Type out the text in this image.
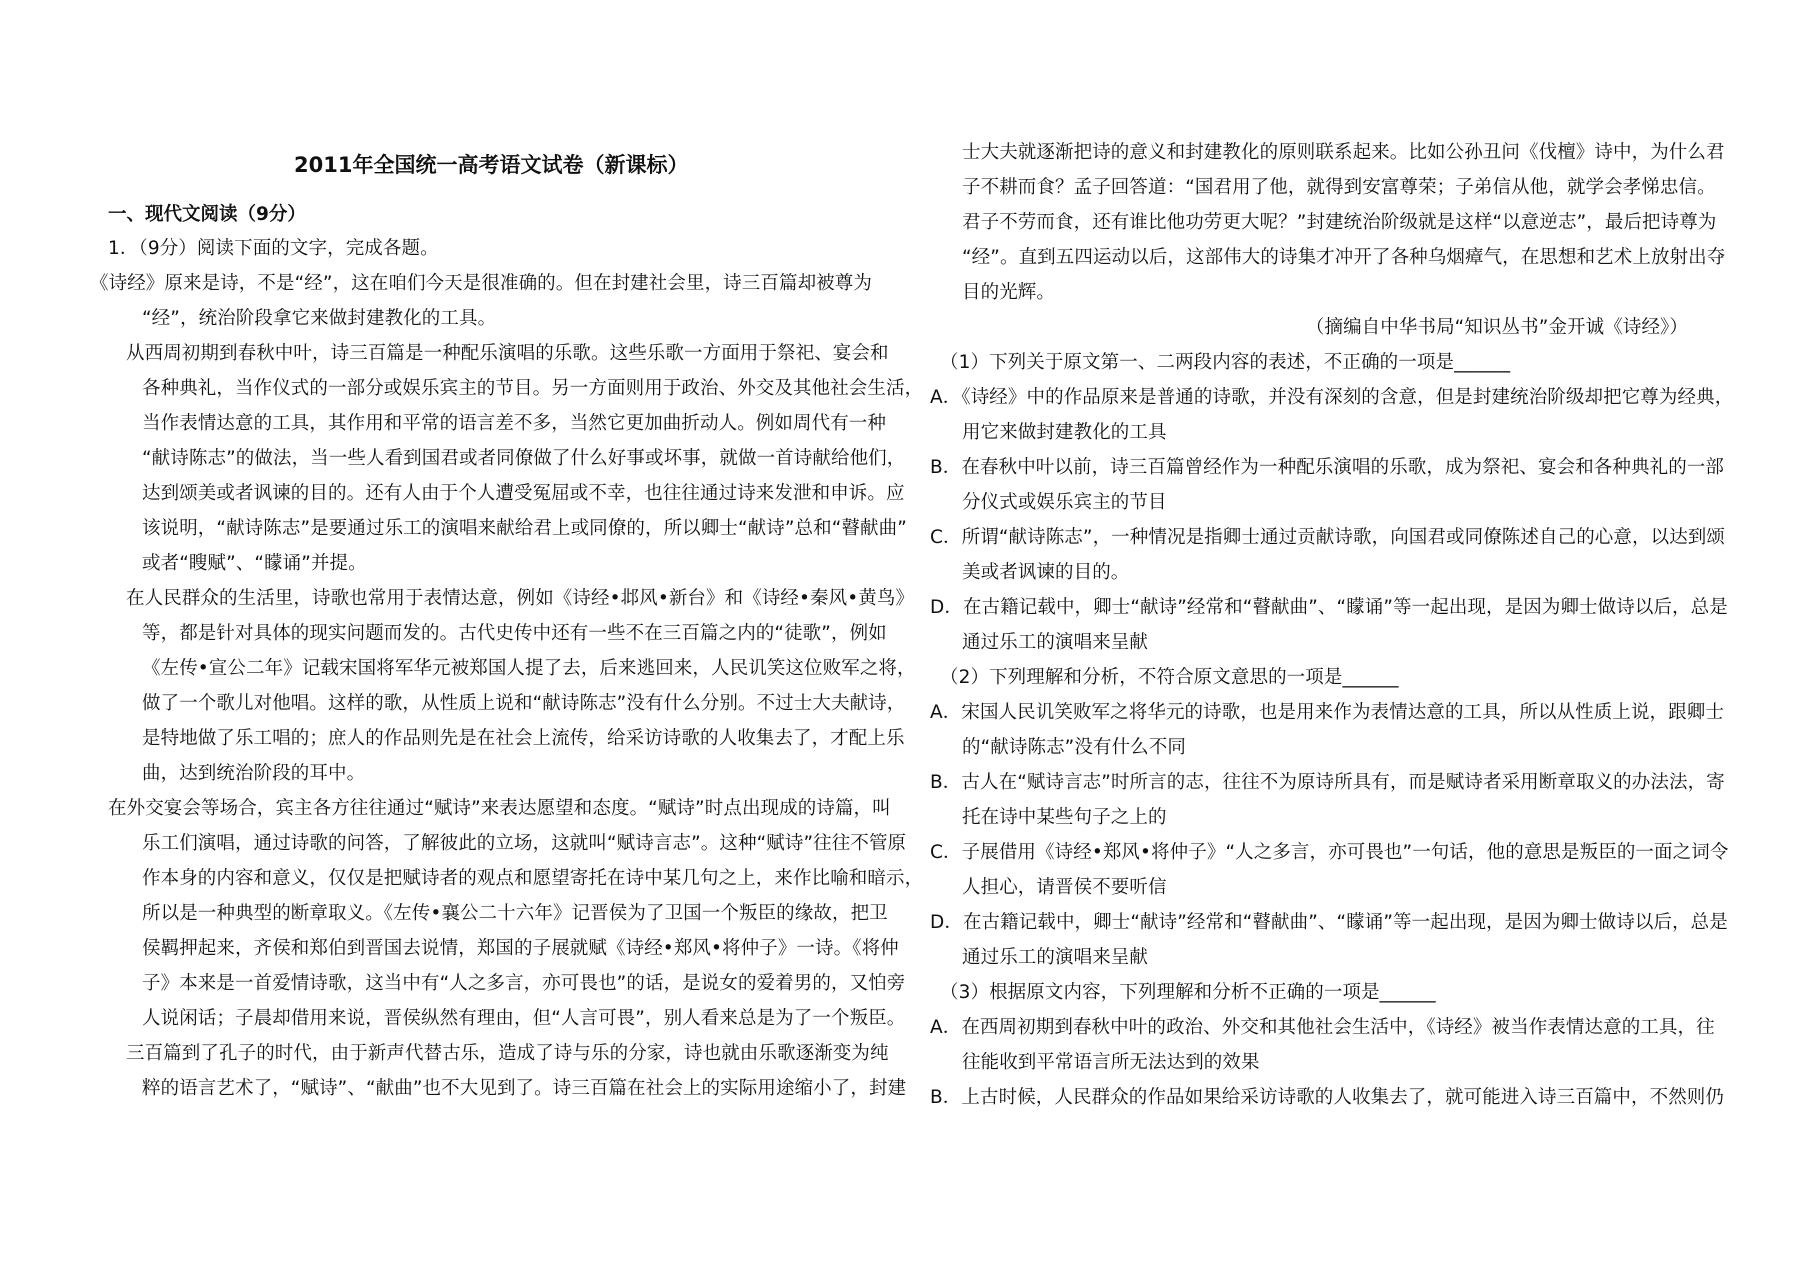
2011年全国统一高考语文试卷（新课标）
一、现代文阅读（9分）
1．（9分）阅读下面的文字，完成各题。
《诗经》原来是诗，不是“经”，这在咱们今天是很准确的。但在封建社会里，诗三百篇却被尊为
“经”，统治阶段拿它来做封建教化的工具。
从西周初期到春秋中叶，诗三百篇是一种配乐演唱的乐歌。这些乐歌一方面用于祭祀、宴会和
各种典礼，当作仪式的一部分或娱乐宾主的节目。另一方面则用于政治、外交及其他社会生活，
当作表情达意的工具，其作用和平常的语言差不多，当然它更加曲折动人。例如周代有一种
“献诗陈志”的做法，当一些人看到国君或者同僚做了什么好事或坏事，就做一首诗献给他们，
达到颂美或者讽谏的目的。还有人由于个人遭受冤屈或不幸，也往往通过诗来发泄和申诉。应
该说明，“献诗陈志”是要通过乐工的演唱来献给君上或同僚的，所以卿士“献诗”总和“瞽献曲”
或者“瞍赋”、“矇诵”并提。
在人民群众的生活里，诗歌也常用于表情达意，例如《诗经•邶风•新台》和《诗经•秦风•黄鸟》
等，都是针对具体的现实问题而发的。古代史传中还有一些不在三百篇之内的“徒歌”，例如
《左传•宣公二年》记载宋国将军华元被郑国人提了去，后来逃回来，人民讥笑这位败军之将，
做了一个歌儿对他唱。这样的歌，从性质上说和“献诗陈志”没有什么分别。不过士大夫献诗，
是特地做了乐工唱的；庶人的作品则先是在社会上流传，给采访诗歌的人收集去了，才配上乐
曲，达到统治阶段的耳中。
在外交宴会等场合，宾主各方往往通过“赋诗”来表达愿望和态度。“赋诗”时点出现成的诗篇，叫
乐工们演唱，通过诗歌的问答，了解彼此的立场，这就叫“赋诗言志”。这种“赋诗”往往不管原
作本身的内容和意义，仅仅是把赋诗者的观点和愿望寄托在诗中某几句之上，来作比喻和暗示，
所以是一种典型的断章取义。《左传•襄公二十六年》记晋侯为了卫国一个叛臣的缘故，把卫
侯羁押起来，齐侯和郑伯到晋国去说情，郑国的子展就赋《诗经•郑风•将仲子》一诗。《将仲
子》本来是一首爱情诗歌，这当中有“人之多言，亦可畏也”的话，是说女的爱着男的，又怕旁
人说闲话；子晨却借用来说，晋侯纵然有理由，但“人言可畏”，别人看来总是为了一个叛臣。
三百篇到了孔子的时代，由于新声代替古乐，造成了诗与乐的分家，诗也就由乐歌逐渐变为纯
粹的语言艺术了，“赋诗”、“献曲”也不大见到了。诗三百篇在社会上的实际用途缩小了，封建
士大夫就逐渐把诗的意义和封建教化的原则联系起来。比如公孙丑问《伐檀》诗中，为什么君
子不耕而食？孟子回答道：“国君用了他，就得到安富尊荣；子弟信从他，就学会孝悌忠信。
君子不劳而食，还有谁比他功劳更大呢？”封建统治阶级就是这样“以意逆志”，最后把诗尊为
“经”。直到五四运动以后，这部伟大的诗集才冲开了各种乌烟瘴气，在思想和艺术上放射出夺
目的光辉。
（摘编自中华书局“知识丛书”金开诚《诗经》）
（1）下列关于原文第一、二两段内容的表述，不正确的一项是______
A．《诗经》中的作品原来是普通的诗歌，并没有深刻的含意，但是封建统治阶级却把它尊为经典，
用它来做封建教化的工具
B．在春秋中叶以前，诗三百篇曾经作为一种配乐演唱的乐歌，成为祭祀、宴会和各种典礼的一部
分仪式或娱乐宾主的节目
C．所谓“献诗陈志”，一种情况是指卿士通过贡献诗歌，向国君或同僚陈述自己的心意，以达到颂
美或者讽谏的目的。
D．在古籍记载中，卿士“献诗”经常和“瞽献曲”、“矇诵”等一起出现，是因为卿士做诗以后，总是
通过乐工的演唱来呈献
（2）下列理解和分析，不符合原文意思的一项是______
A．宋国人民讥笑败军之将华元的诗歌，也是用来作为表情达意的工具，所以从性质上说，跟卿士
的“献诗陈志”没有什么不同
B．古人在“赋诗言志”时所言的志，往往不为原诗所具有，而是赋诗者采用断章取义的办法法，寄
托在诗中某些句子之上的
C．子展借用《诗经•郑风•将仲子》“人之多言，亦可畏也”一句话，他的意思是叛臣的一面之词令
人担心，请晋侯不要听信
D．在古籍记载中，卿士“献诗”经常和“瞽献曲”、“矇诵”等一起出现，是因为卿士做诗以后，总是
通过乐工的演唱来呈献
（3）根据原文内容，下列理解和分析不正确的一项是______
A．在西周初期到春秋中叶的政治、外交和其他社会生活中，《诗经》被当作表情达意的工具，往
往能收到平常语言所无法达到的效果
B．上古时候，人民群众的作品如果给采访诗歌的人收集去了，就可能进入诗三百篇中，不然则仍
